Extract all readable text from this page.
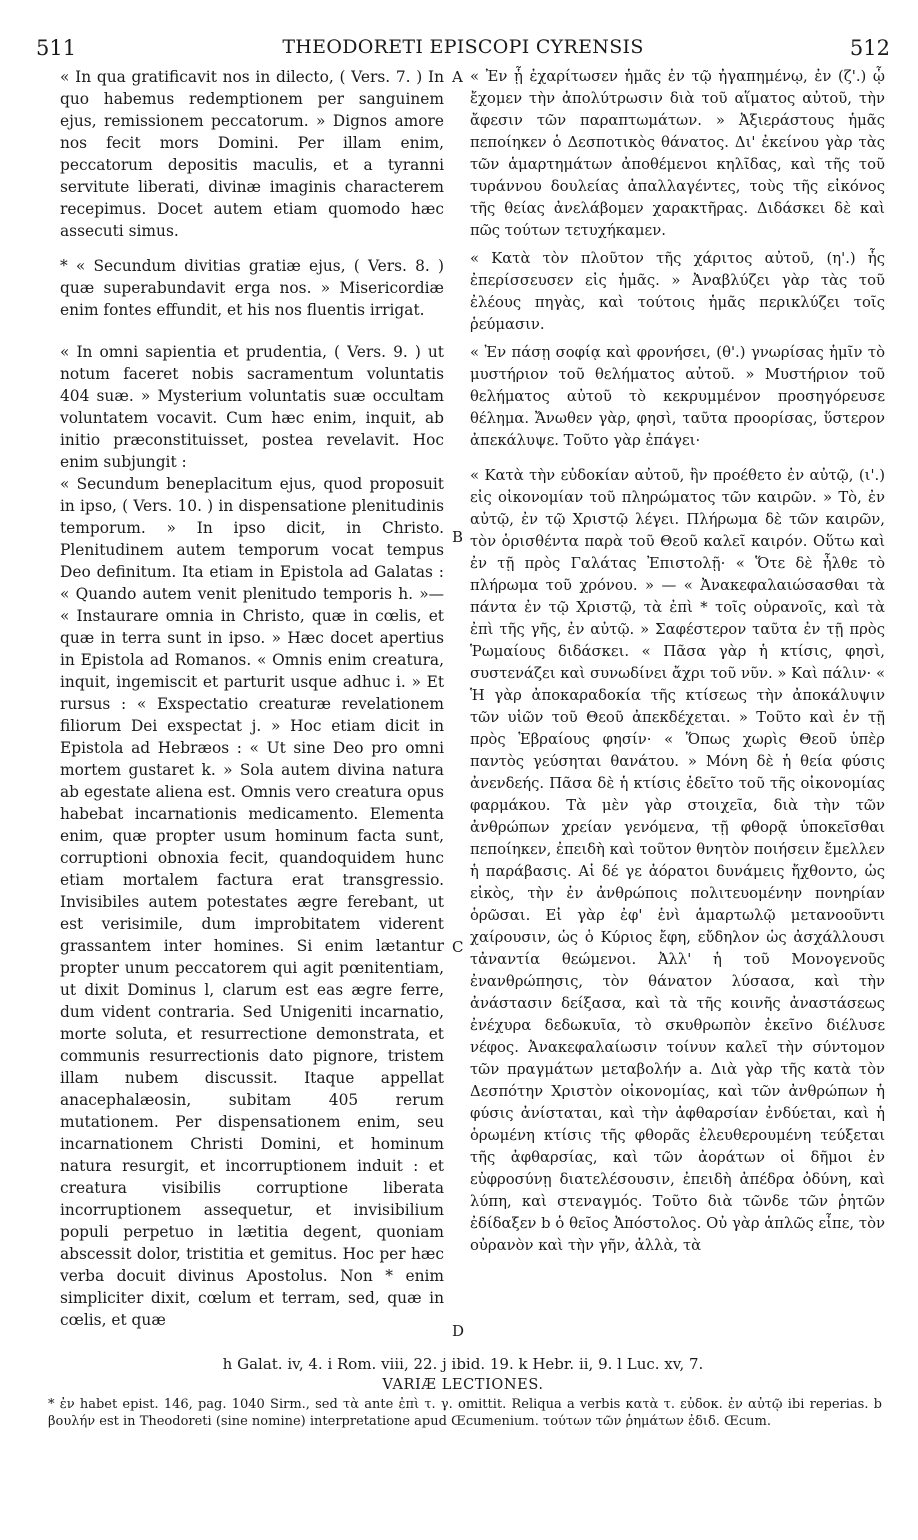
511	THEODORETI EPISCOPI CYRENSIS	512
A
B
C
D

« In qua gratificavit nos in dilecto, ( Vers. 7. ) In quo habemus redemptionem per sanguinem ejus, remissionem peccatorum. » Dignos amore nos fecit mors Domini. Per illam enim, peccatorum depositis maculis, et a tyranni servitute liberati, divinæ imaginis characterem recepimus. Docet autem etiam quomodo hæc assecuti simus.

* « Secundum divitias gratiæ ejus, ( Vers. 8. ) quæ superabundavit erga nos. » Misericordiæ enim fontes effundit, et his nos fluentis irrigat.

« In omni sapientia et prudentia, ( Vers. 9. ) ut notum faceret nobis sacramentum voluntatis 404 suæ. » Mysterium voluntatis suæ occultam voluntatem vocavit. Cum hæc enim, inquit, ab initio præconstituisset, postea revelavit. Hoc enim subjungit :

« Secundum beneplacitum ejus, quod proposuit in ipso, ( Vers. 10. ) in dispensatione plenitudinis temporum. » In ipso dicit, in Christo. Plenitudinem autem temporum vocat tempus Deo definitum. Ita etiam in Epistola ad Galatas : « Quando autem venit plenitudo temporis h. »— « Instaurare omnia in Christo, quæ in cœlis, et quæ in terra sunt in ipso. » Hæc docet apertius in Epistola ad Romanos. « Omnis enim creatura, inquit, ingemiscit et parturit usque adhuc i. » Et rursus : « Exspectatio creaturæ revelationem filiorum Dei exspectat j. » Hoc etiam dicit in Epistola ad Hebræos : « Ut sine Deo pro omni mortem gustaret k. » Sola autem divina natura ab egestate aliena est. Omnis vero creatura opus habebat incarnationis medicamento. Elementa enim, quæ propter usum hominum facta sunt, corruptioni obnoxia fecit, quandoquidem hunc etiam mortalem factura erat transgressio. Invisibiles autem potestates ægre ferebant, ut est verisimile, dum improbitatem viderent grassantem inter homines. Si enim lætantur propter unum peccatorem qui agit pœnitentiam, ut dixit Dominus l, clarum est eas ægre ferre, dum vident contraria. Sed Unigeniti incarnatio, morte soluta, et resurrectione demonstrata, et communis resurrectionis dato pignore, tristem illam nubem discussit. Itaque appellat anacephalæosin, subitam 405 rerum mutationem. Per dispensationem enim, seu incarnationem Christi Domini, et hominum natura resurgit, et incorruptionem induit : et creatura visibilis corruptione liberata incorruptionem assequetur, et invisibilium populi perpetuo in lætitia degent, quoniam abscessit dolor, tristitia et gemitus. Hoc per hæc verba docuit divinus Apostolus. Non * enim simpliciter dixit, cœlum et terram, sed, quæ in cœlis, et quæ

« Ἐν ᾗ ἐχαρίτωσεν ἡμᾶς ἐν τῷ ἠγαπημένῳ, ἐν (ζ'.) ᾧ ἔχομεν τὴν ἀπολύτρωσιν διὰ τοῦ αἵματος αὐτοῦ, τὴν ἄφεσιν τῶν παραπτωμάτων. » Ἀξιεράστους ἡμᾶς πεποίηκεν ὁ Δεσποτικὸς θάνατος. Δι' ἐκείνου γὰρ τὰς τῶν ἁμαρτημάτων ἀποθέμενοι κηλῖδας, καὶ τῆς τοῦ τυράννου δουλείας ἀπαλλαγέντες, τοὺς τῆς εἰκόνος τῆς θείας ἀνελάβομεν χαρακτῆρας. Διδάσκει δὲ καὶ πῶς τούτων τετυχήκαμεν.

« Κατὰ τὸν πλοῦτον τῆς χάριτος αὐτοῦ, (η'.) ἧς ἐπερίσσευσεν εἰς ἡμᾶς. » Ἀναβλύζει γὰρ τὰς τοῦ ἐλέους πηγὰς, καὶ τούτοις ἡμᾶς περικλύζει τοῖς ῥεύμασιν.

« Ἐν πάσῃ σοφίᾳ καὶ φρονήσει, (θ'.) γνωρίσας ἡμῖν τὸ μυστήριον τοῦ θελήματος αὐτοῦ. » Μυστήριον τοῦ θελήματος αὐτοῦ τὸ κεκρυμμένον προσηγόρευσε θέλημα. Ἄνωθεν γὰρ, φησὶ, ταῦτα προορίσας, ὕστερον ἀπεκάλυψε. Τοῦτο γὰρ ἐπάγει·

« Κατὰ τὴν εὐδοκίαν αὐτοῦ, ἣν προέθετο ἐν αὐτῷ, (ι'.) εἰς οἰκονομίαν τοῦ πληρώματος τῶν καιρῶν. » Τὸ, ἐν αὐτῷ, ἐν τῷ Χριστῷ λέγει. Πλήρωμα δὲ τῶν καιρῶν, τὸν ὁρισθέντα παρὰ τοῦ Θεοῦ καλεῖ καιρόν. Οὕτω καὶ ἐν τῇ πρὸς Γαλάτας Ἐπιστολῇ· « Ὅτε δὲ ἦλθε τὸ πλήρωμα τοῦ χρόνου. » — « Ἀνακεφαλαιώσασθαι τὰ πάντα ἐν τῷ Χριστῷ, τὰ ἐπὶ * τοῖς οὐρανοῖς, καὶ τὰ ἐπὶ τῆς γῆς, ἐν αὐτῷ. » Σαφέστερον ταῦτα ἐν τῇ πρὸς Ῥωμαίους διδάσκει. « Πᾶσα γὰρ ἡ κτίσις, φησὶ, συστενάζει καὶ συνωδίνει ἄχρι τοῦ νῦν. » Καὶ πάλιν· « Ἡ γὰρ ἀποκαραδοκία τῆς κτίσεως τὴν ἀποκάλυψιν τῶν υἱῶν τοῦ Θεοῦ ἀπεκδέχεται. » Τοῦτο καὶ ἐν τῇ πρὸς Ἑβραίους φησίν· « Ὅπως χωρὶς Θεοῦ ὑπὲρ παντὸς γεύσηται θανάτου. » Μόνη δὲ ἡ θεία φύσις ἀνενδεής. Πᾶσα δὲ ἡ κτίσις ἐδεῖτο τοῦ τῆς οἰκονομίας φαρμάκου. Τὰ μὲν γὰρ στοιχεῖα, διὰ τὴν τῶν ἀνθρώπων χρείαν γενόμενα, τῇ φθορᾷ ὑποκεῖσθαι πεποίηκεν, ἐπειδὴ καὶ τοῦτον θνητὸν ποιήσειν ἔμελλεν ἡ παράβασις. Αἱ δέ γε ἀόρατοι δυνάμεις ἤχθοντο, ὡς εἰκὸς, τὴν ἐν ἀνθρώποις πολιτευομένην πονηρίαν ὁρῶσαι. Εἰ γὰρ ἐφ' ἑνὶ ἁμαρτωλῷ μετανοοῦντι χαίρουσιν, ὡς ὁ Κύριος ἔφη, εὔδηλον ὡς ἀσχάλλουσι τἀναντία θεώμενοι. Ἀλλ' ἡ τοῦ Μονογενοῦς ἐνανθρώπησις, τὸν θάνατον λύσασα, καὶ τὴν ἀνάστασιν δείξασα, καὶ τὰ τῆς κοινῆς ἀναστάσεως ἐνέχυρα δεδωκυῖα, τὸ σκυθρωπὸν ἐκεῖνο διέλυσε νέφος. Ἀνακεφαλαίωσιν τοίνυν καλεῖ τὴν σύντομον τῶν πραγμάτων μεταβολήν a. Διὰ γὰρ τῆς κατὰ τὸν Δεσπότην Χριστὸν οἰκονομίας, καὶ τῶν ἀνθρώπων ἡ φύσις ἀνίσταται, καὶ τὴν ἀφθαρσίαν ἐνδύεται, καὶ ἡ ὁρωμένη κτίσις τῆς φθορᾶς ἐλευθερουμένη τεύξεται τῆς ἀφθαρσίας, καὶ τῶν ἀοράτων οἱ δῆμοι ἐν εὐφροσύνῃ διατελέσουσιν, ἐπειδὴ ἀπέδρα ὀδύνη, καὶ λύπη, καὶ στεναγμός. Τοῦτο διὰ τῶνδε τῶν ῥητῶν ἐδίδαξεν b ὁ θεῖος Ἀπόστολος. Οὐ γὰρ ἁπλῶς εἶπε, τὸν οὐρανὸν καὶ τὴν γῆν, ἀλλὰ, τὰ

h Galat. iv, 4. i Rom. viii, 22. j ibid. 19. k Hebr. ii, 9. l Luc. xv, 7.
VARIÆ LECTIONES.
* ἐν habet epist. 146, pag. 1040 Sirm., sed τὰ ante ἐπὶ τ. γ. omittit. Reliqua a verbis κατὰ τ. εὐδοκ. ἐν αὐτῷ ibi reperias. b βουλήν est in Theodoreti (sine nomine) interpretatione apud Œcumenium. τούτων τῶν ῥημάτων ἐδιδ. Œcum.
